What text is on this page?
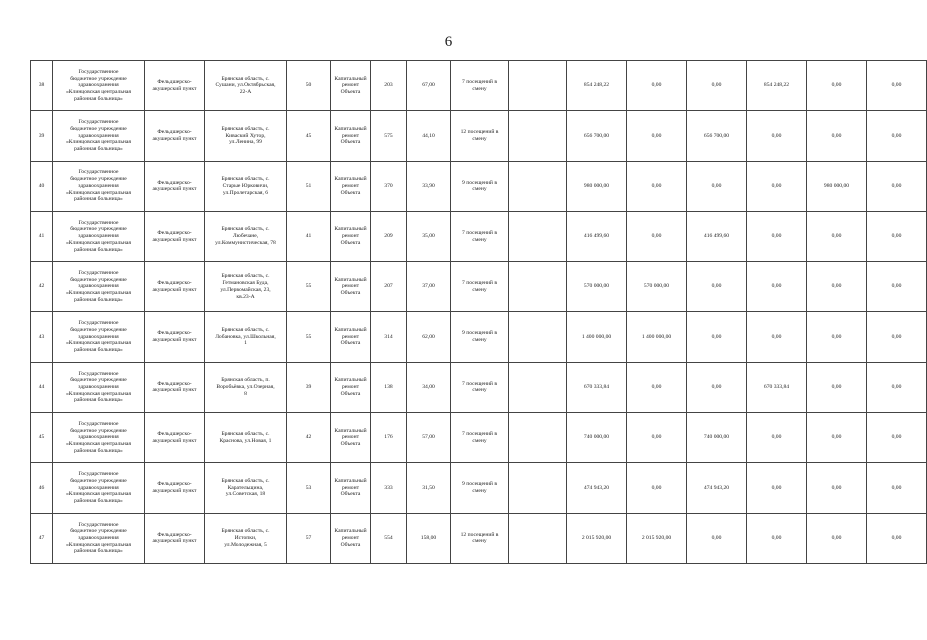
6
38	Государственное
бюджетное учреждение
здравоохранения
«Клинцовская центральная
районная больница»	Фельдшерско-
акушерский пункт	Брянская область, с.
Сушани, ул.Октябрьская,
22-А	50	Капитальный
ремонт
Объекта	203	67,00	7 посещений в
смену		854 248,22	0,00	0,00	854 248,22	0,00	0,00
39	Государственное
бюджетное учреждение
здравоохранения
«Клинцовская центральная
районная больница»	Фельдшерско-
акушерский пункт	Брянская область, с.
Киваский Хутор,
ул.Ленина, 99	45	Капитальный
ремонт
Объекта	575	44,10	12 посещений в
смену		656 700,00	0,00	656 700,00	0,00	0,00	0,00
40	Государственное
бюджетное учреждение
здравоохранения
«Клинцовская центральная
районная больница»	Фельдшерско-
акушерский пункт	Брянская область, с.
Старые Юрковичи,
ул.Пролетарская, 6	51	Капитальный
ремонт
Объекта	370	33,90	9 посещений в
смену		980 000,00	0,00	0,00	0,00	980 000,00	0,00
41	Государственное
бюджетное учреждение
здравоохранения
«Клинцовская центральная
районная больница»	Фельдшерско-
акушерский пункт	Брянская область, с.
Любечане,
ул.Коммунистическая, 78	41	Капитальный
ремонт
Объекта	209	35,00	7 посещений в
смену		416 499,60	0,00	416 499,60	0,00	0,00	0,00
42	Государственное
бюджетное учреждение
здравоохранения
«Клинцовская центральная
районная больница»	Фельдшерско-
акушерский пункт	Брянская область, с.
Гетмановская Буда,
ул.Первомайская, 23,
кв.23-А	55	Капитальный
ремонт
Объекта	207	37,00	7 посещений в
смену		570 000,00	570 000,00	0,00	0,00	0,00	0,00
43	Государственное
бюджетное учреждение
здравоохранения
«Клинцовская центральная
районная больница»	Фельдшерско-
акушерский пункт	Брянская область, с.
Лобановка, ул.Школьная,
1	55	Капитальный
ремонт
Объекта	314	62,00	9 посещений в
смену		1 400 000,00	1 400 000,00	0,00	0,00	0,00	0,00
44	Государственное
бюджетное учреждение
здравоохранения
«Клинцовская центральная
районная больница»	Фельдшерско-
акушерский пункт	Брянская область, п.
Воробьёвка, ул.Озерная,
8	39	Капитальный
ремонт
Объекта	138	34,00	7 посещений в
смену		670 333,84	0,00	0,00	670 333,84	0,00	0,00
45	Государственное
бюджетное учреждение
здравоохранения
«Клинцовская центральная
районная больница»	Фельдшерско-
акушерский пункт	Брянская область, с.
Краснова, ул.Новая, 1	42	Капитальный
ремонт
Объекта	176	57,00	7 посещений в
смену		740 000,00	0,00	740 000,00	0,00	0,00	0,00
46	Государственное
бюджетное учреждение
здравоохранения
«Клинцовская центральная
районная больница»	Фельдшерско-
акушерский пункт	Брянская область, с.
Карательщина,
ул.Советская, 18	53	Капитальный
ремонт
Объекта	333	31,50	9 посещений в
смену		474 943,20	0,00	474 943,20	0,00	0,00	0,00
47	Государственное
бюджетное учреждение
здравоохранения
«Клинцовская центральная
районная больница»	Фельдшерско-
акушерский пункт	Брянская область, с.
Истопки,
ул.Молодежная, 5	57	Капитальный
ремонт
Объекта	554	158,00	12 посещений в
смену		2 015 920,00	2 015 920,00	0,00	0,00	0,00	0,00
